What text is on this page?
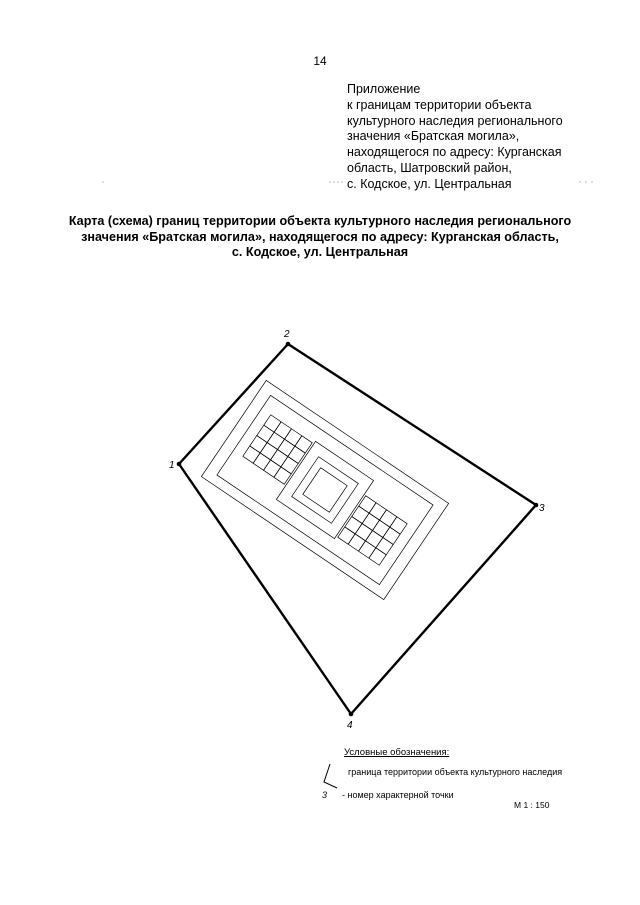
14
Приложение
к границам территории объекта
культурного наследия регионального
значения «Братская могила»,
находящегося по адресу: Курганская
область, Шатровский район,
с. Кодское, ул. Центральная
Карта (схема) границ территории объекта культурного наследия регионального
значения «Братская могила», находящегося по адресу: Курганская область,
с. Кодское, ул. Центральная
1
2
3
4
Условные обозначения:
граница территории объекта культурного наследия
3 - номер характерной точки
М 1 : 150
